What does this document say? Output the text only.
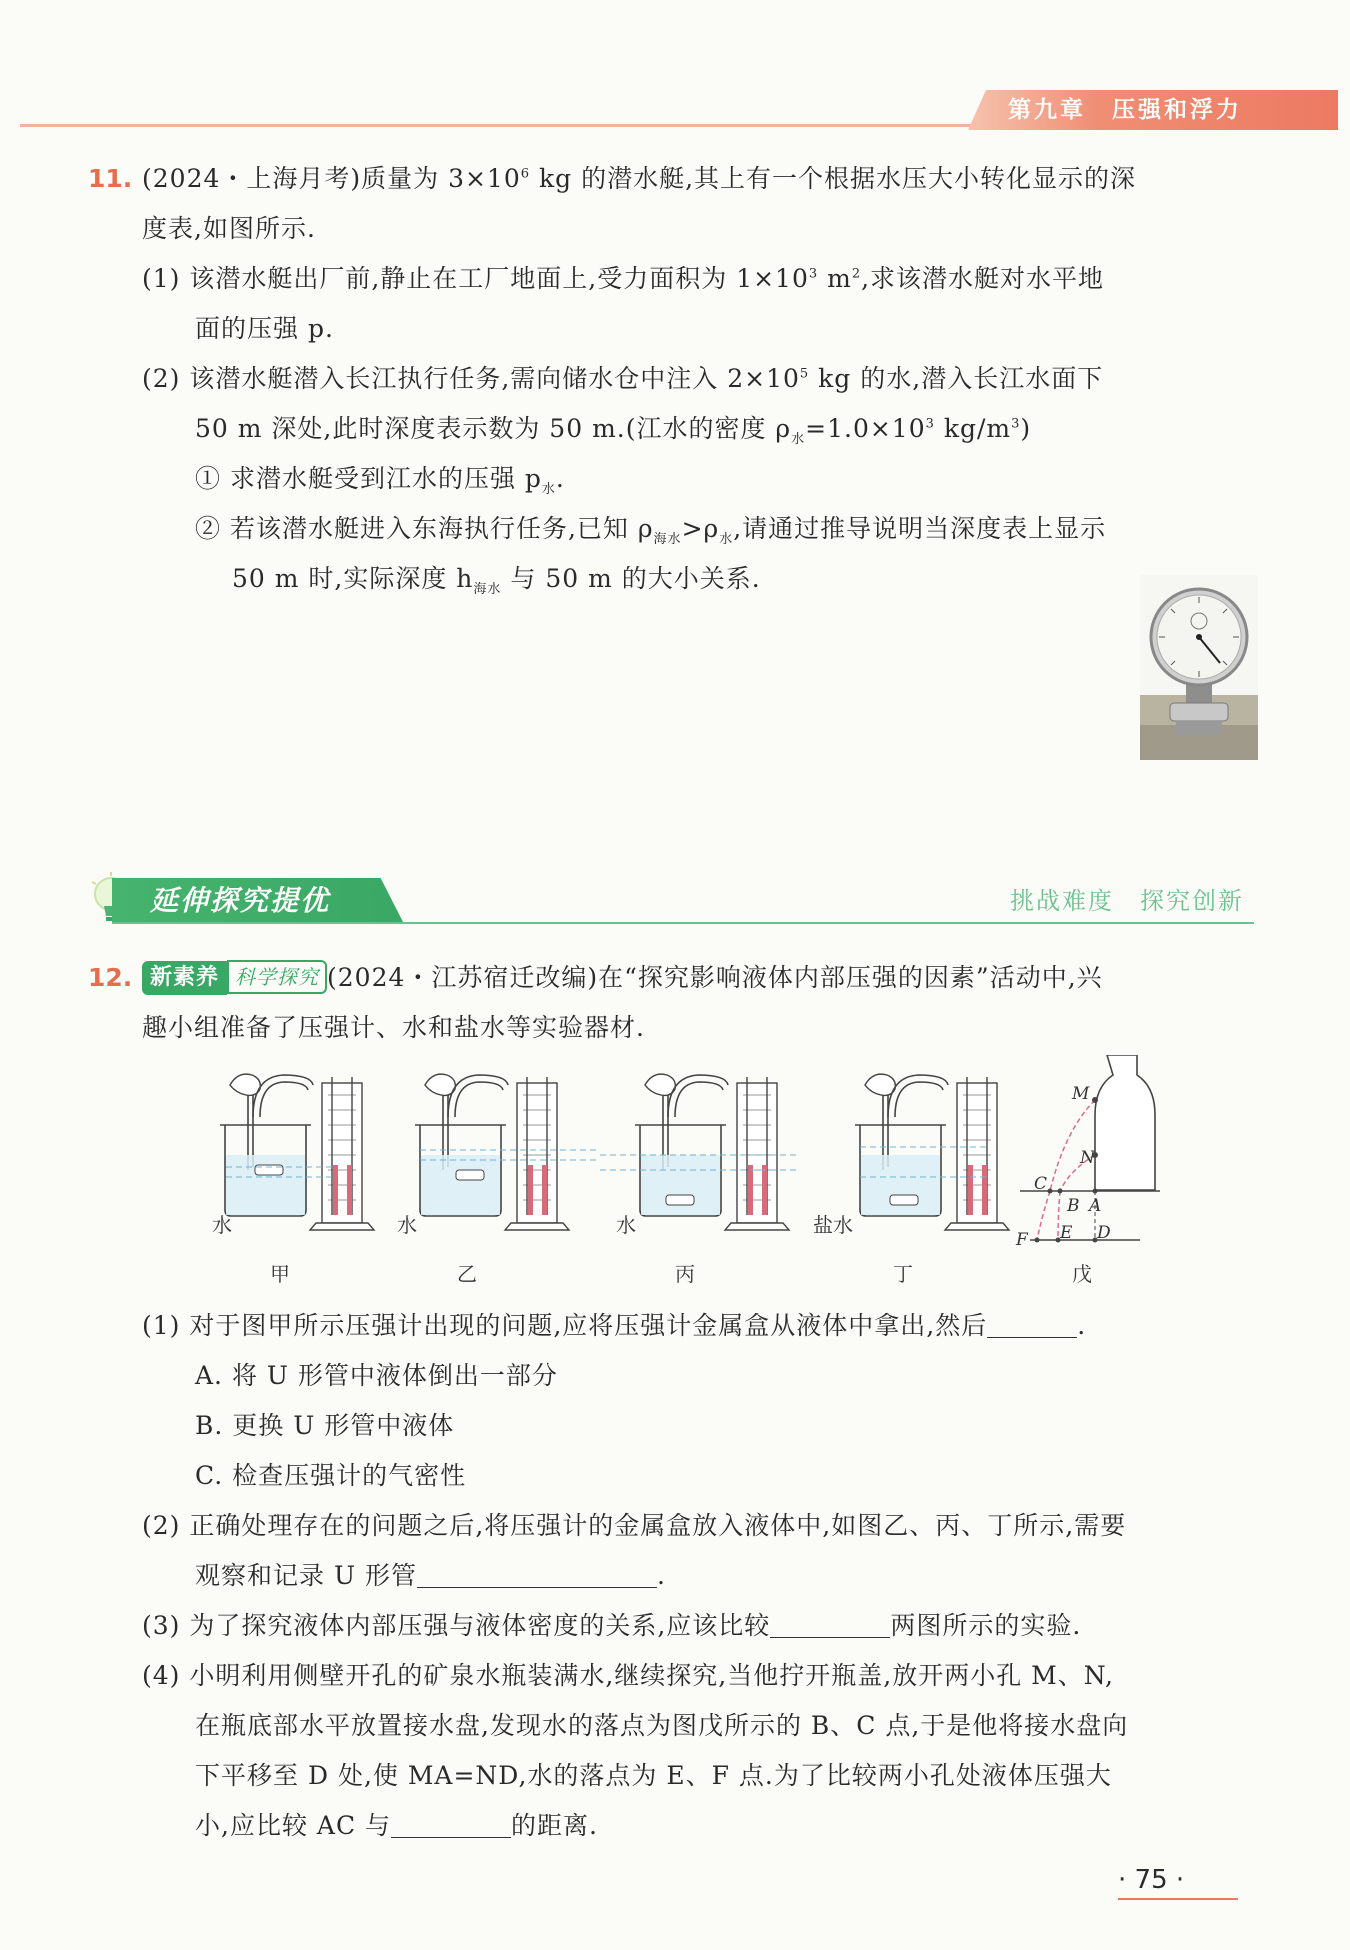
第九章　压强和浮力
11. (2024・上海月考)质量为 $3\times 10^6$ kg 的潜水艇,其上有一个根据水压大小转化显示的深
度表,如图所示.
(1) 该潜水艇出厂前,静止在工厂地面上,受力面积为 $1\times 10^3$ $m^2$,求该潜水艇对水平地
面的压强 p.
(2) 该潜水艇潜入长江执行任务,需向储水仓中注入 $2\times 10^5$ kg 的水,潜入长江水面下
50 m 深处,此时深度表示数为 50 m.(江水的密度 $\rho_水=1.0\times 10^3$ $kg/m^3$)
① 求潜水艇受到江水的压强 $p_水$.
② 若该潜水艇进入东海执行任务,已知 $\rho_{海水}>\rho_水$,请通过推导说明当深度表上显示
50 m 时,实际深度 $h_{海水}$ 与 50 m 的大小关系.
延伸探究提优	挑战难度　探究创新
12. 新素养 科学探究 (2024・江苏宿迁改编)在“探究影响液体内部压强的因素”活动中,兴
趣小组准备了压强计、水和盐水等实验器材.
水	水	水	盐水
M
N
C
B A
F E D
甲	乙	丙	丁	戊
(1) 对于图甲所示压强计出现的问题,应将压强计金属盒从液体中拿出,然后	.
A. 将 U 形管中液体倒出一部分
B. 更换 U 形管中液体
C. 检查压强计的气密性
(2) 正确处理存在的问题之后,将压强计的金属盒放入液体中,如图乙、丙、丁所示,需要
观察和记录 U 形管	.
(3) 为了探究液体内部压强与液体密度的关系,应该比较	两图所示的实验.
(4) 小明利用侧壁开孔的矿泉水瓶装满水,继续探究,当他拧开瓶盖,放开两小孔 M、N,
在瓶底部水平放置接水盘,发现水的落点为图戊所示的 B、C 点,于是他将接水盘向
下平移至 D 处,使 MA=ND,水的落点为 E、F 点.为了比较两小孔处液体压强大
小,应比较 AC 与	的距离.
· 75 ·
